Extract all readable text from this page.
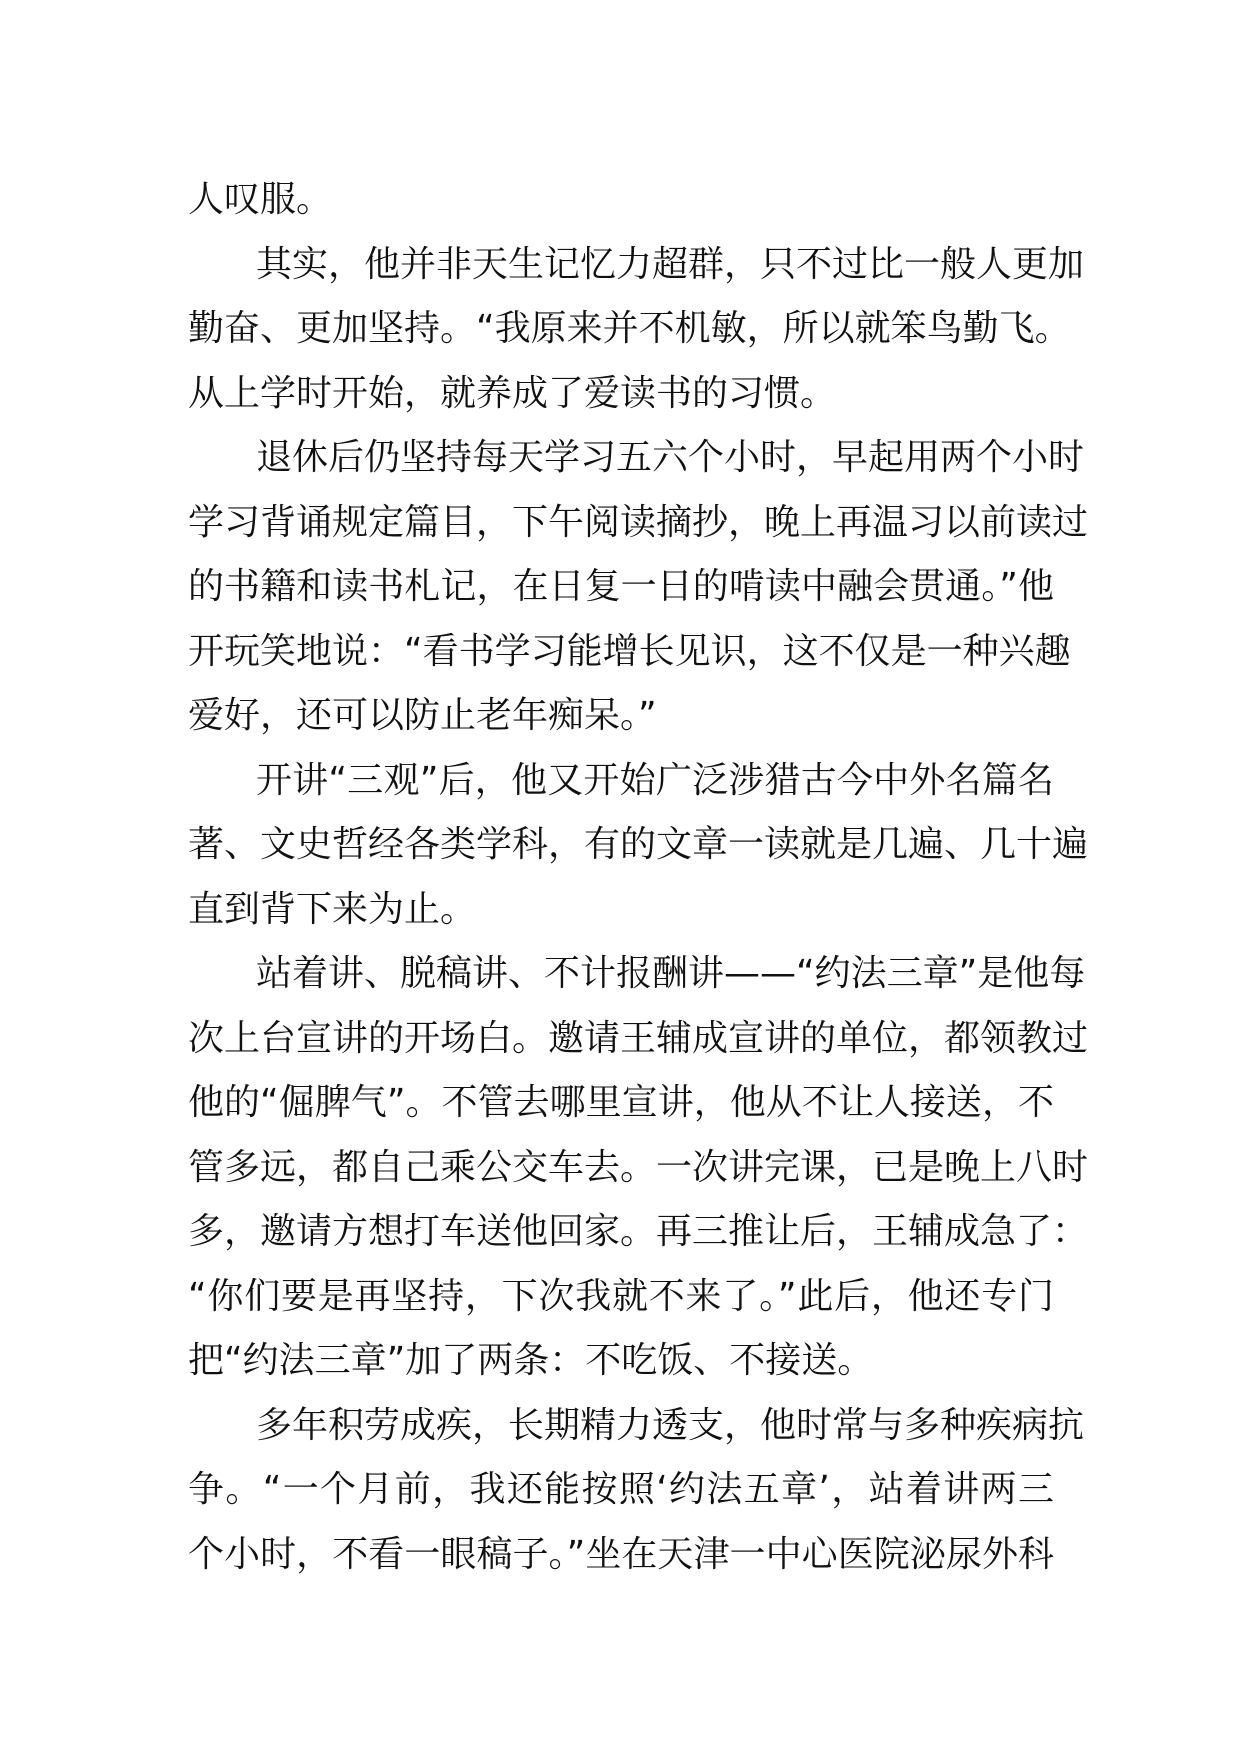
人叹服。
其实，他并非天生记忆力超群，只不过比一般人更加
勤奋、更加坚持。“我原来并不机敏，所以就笨鸟勤飞。
从上学时开始，就养成了爱读书的习惯。
退休后仍坚持每天学习五六个小时，早起用两个小时
学习背诵规定篇目，下午阅读摘抄，晚上再温习以前读过
的书籍和读书札记，在日复一日的啃读中融会贯通。”他
开玩笑地说：“看书学习能增长见识，这不仅是一种兴趣
爱好，还可以防止老年痴呆。”
开讲“三观”后，他又开始广泛涉猎古今中外名篇名
著、文史哲经各类学科，有的文章一读就是几遍、几十遍
直到背下来为止。
站着讲、脱稿讲、不计报酬讲——“约法三章”是他每
次上台宣讲的开场白。邀请王辅成宣讲的单位，都领教过
他的“倔脾气”。不管去哪里宣讲，他从不让人接送，不
管多远，都自己乘公交车去。一次讲完课，已是晚上八时
多，邀请方想打车送他回家。再三推让后，王辅成急了：
“你们要是再坚持，下次我就不来了。”此后，他还专门
把“约法三章”加了两条：不吃饭、不接送。
多年积劳成疾，长期精力透支，他时常与多种疾病抗
争。“一个月前，我还能按照‘约法五章’，站着讲两三
个小时，不看一眼稿子。”坐在天津一中心医院泌尿外科
